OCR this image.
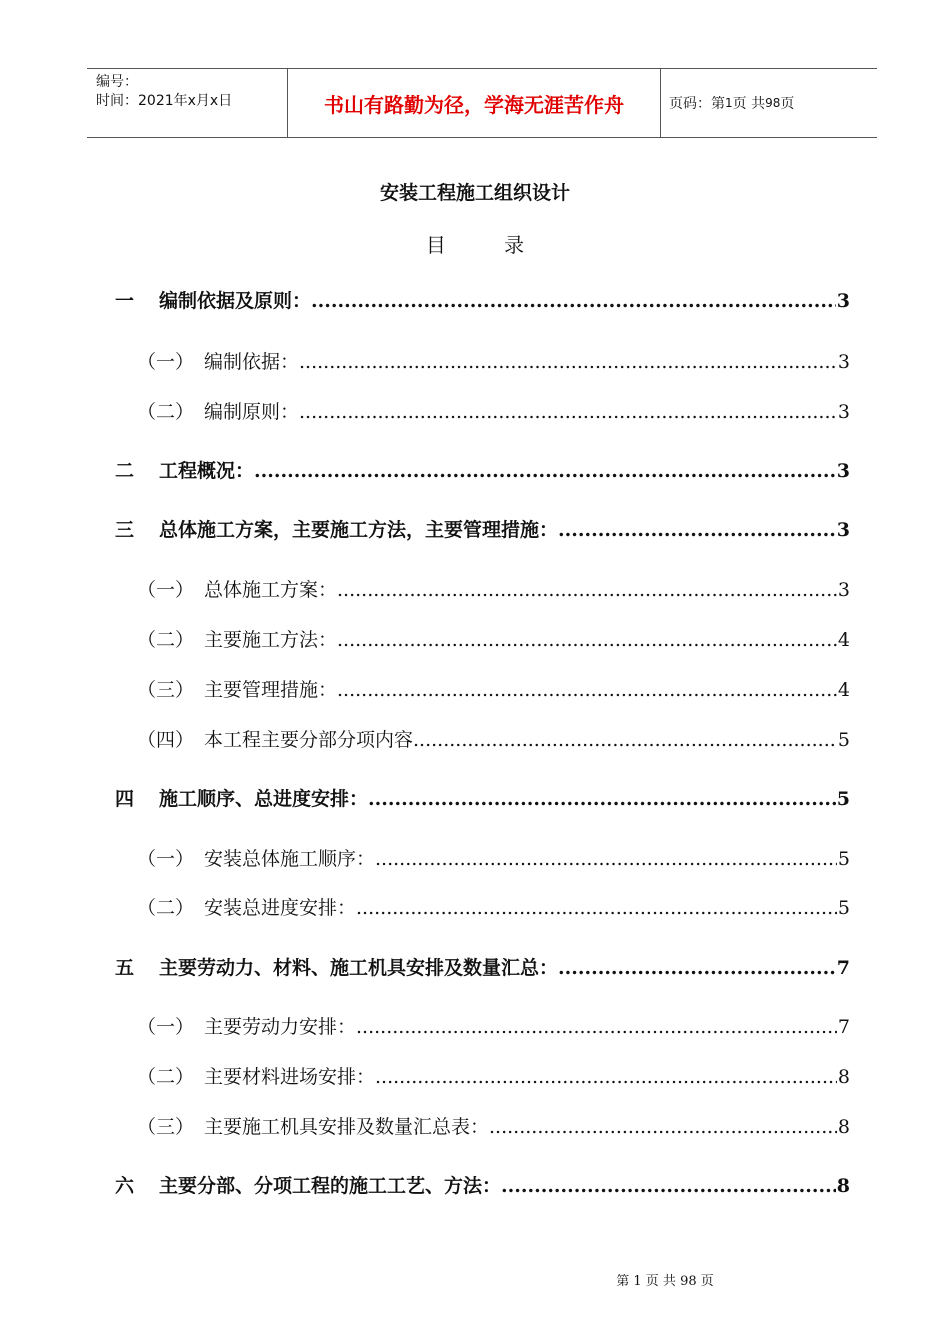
编号：
时间：2021年x月x日	书山有路勤为径，学海无涯苦作舟	页码：第 1 页 共 98 页
安装工程施工组织设计
目 录
一	编制依据及原则： .....	3
（一） 编制依据： .....	3
（二） 编制原则： .....	3
二	工程概况： .....	3
三	总体施工方案，主要施工方法，主要管理措施： .....	3
（一） 总体施工方案： .....	3
（二） 主要施工方法： .....	4
（三） 主要管理措施： .....	4
（四） 本工程主要分部分项内容 .....	5
四	施工顺序、总进度安排： .....	5
（一） 安装总体施工顺序： .....	5
（二） 安装总进度安排： .....	5
五	主要劳动力、材料、施工机具安排及数量汇总： .....	7
（一） 主要劳动力安排： .....	7
（二） 主要材料进场安排： .....	8
（三） 主要施工机具安排及数量汇总表： .....	8
六	主要分部、分项工程的施工工艺、方法： .....	8
第 1 页 共 98 页
